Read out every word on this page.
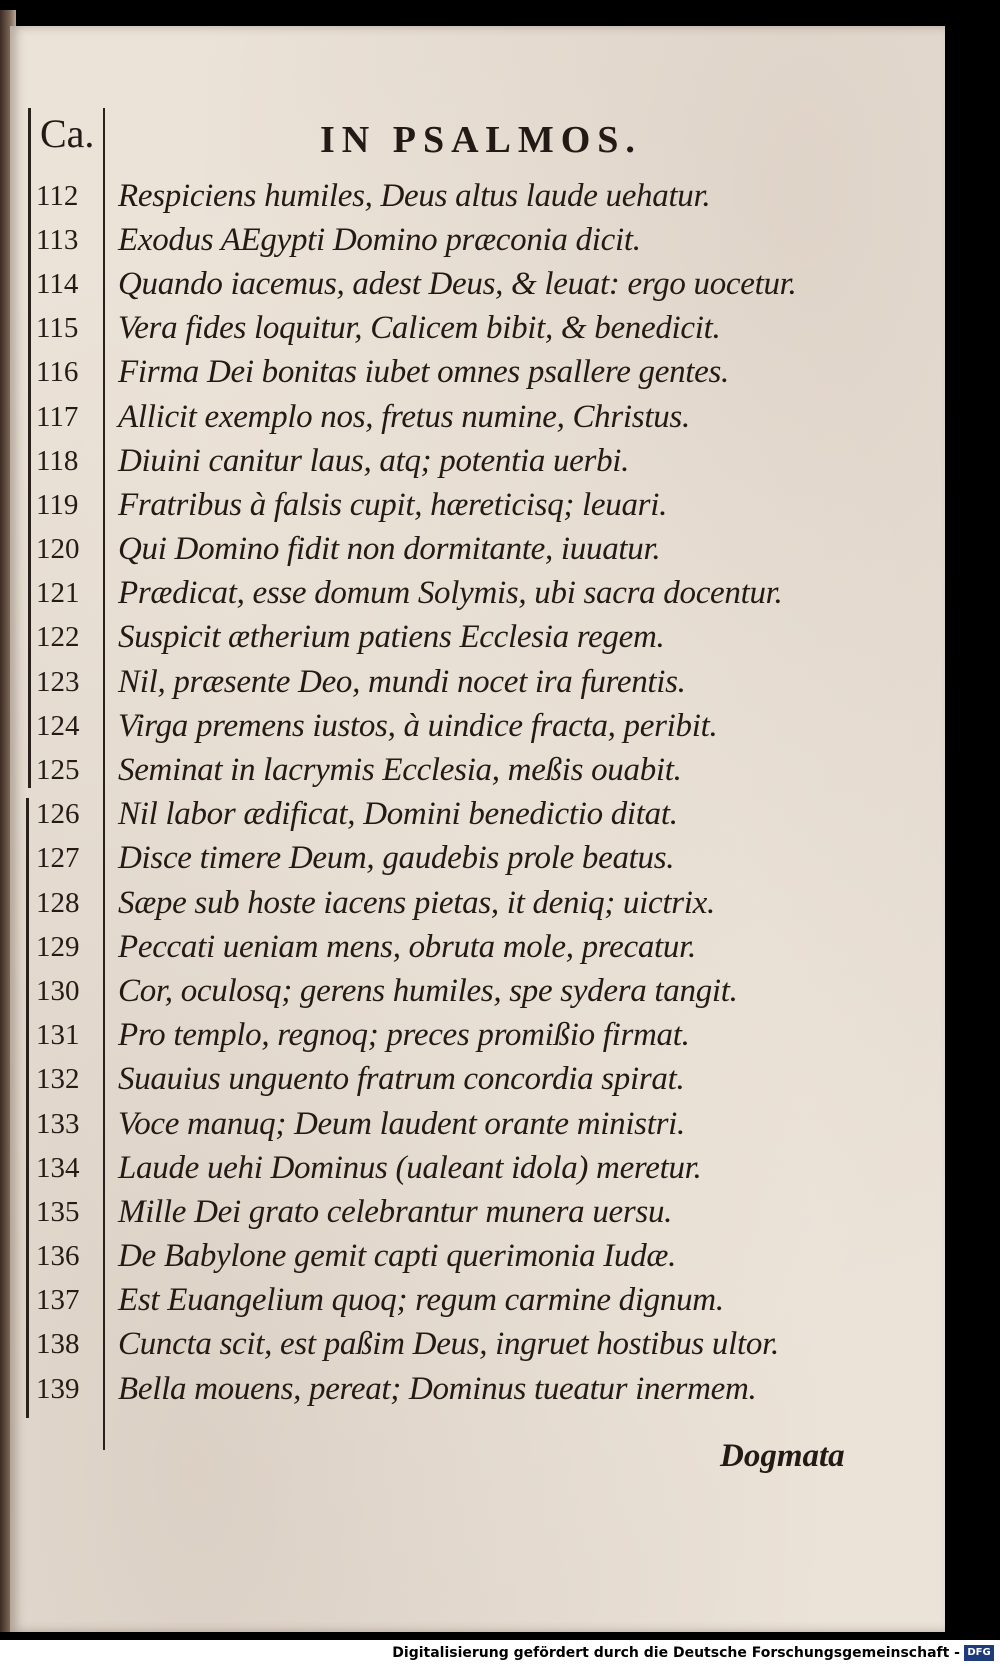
Ca.	IN PSALMOS.
112	Respiciens humiles, Deus altus laude uehatur.
113	Exodus AEgypti Domino præconia dicit.
114	Quando iacemus, adest Deus, & leuat: ergo uocetur.
115	Vera fides loquitur, Calicem bibit, & benedicit.
116	Firma Dei bonitas iubet omnes psallere gentes.
117	Allicit exemplo nos, fretus numine, Christus.
118	Diuini canitur laus, atq; potentia uerbi.
119	Fratribus à falsis cupit, hæreticisq; leuari.
120	Qui Domino fidit non dormitante, iuuatur.
121	Prædicat, esse domum Solymis, ubi sacra docentur.
122	Suspicit ætherium patiens Ecclesia regem.
123	Nil, præsente Deo, mundi nocet ira furentis.
124	Virga premens iustos, à uindice fracta, peribit.
125	Seminat in lacrymis Ecclesia, meßis ouabit.
126	Nil labor ædificat, Domini benedictio ditat.
127	Disce timere Deum, gaudebis prole beatus.
128	Sæpe sub hoste iacens pietas, it deniq; uictrix.
129	Peccati ueniam mens, obruta mole, precatur.
130	Cor, oculosq; gerens humiles, spe sydera tangit.
131	Pro templo, regnoq; preces promißio firmat.
132	Suauius unguento fratrum concordia spirat.
133	Voce manuq; Deum laudent orante ministri.
134	Laude uehi Dominus (ualeant idola) meretur.
135	Mille Dei grato celebrantur munera uersu.
136	De Babylone gemit capti querimonia Iudæ.
137	Est Euangelium quoq; regum carmine dignum.
138	Cuncta scit, est paßim Deus, ingruet hostibus ultor.
139	Bella mouens, pereat; Dominus tueatur inermem.
Dogmata
Digitalisierung gefördert durch die Deutsche Forschungsgemeinschaft - DFG
